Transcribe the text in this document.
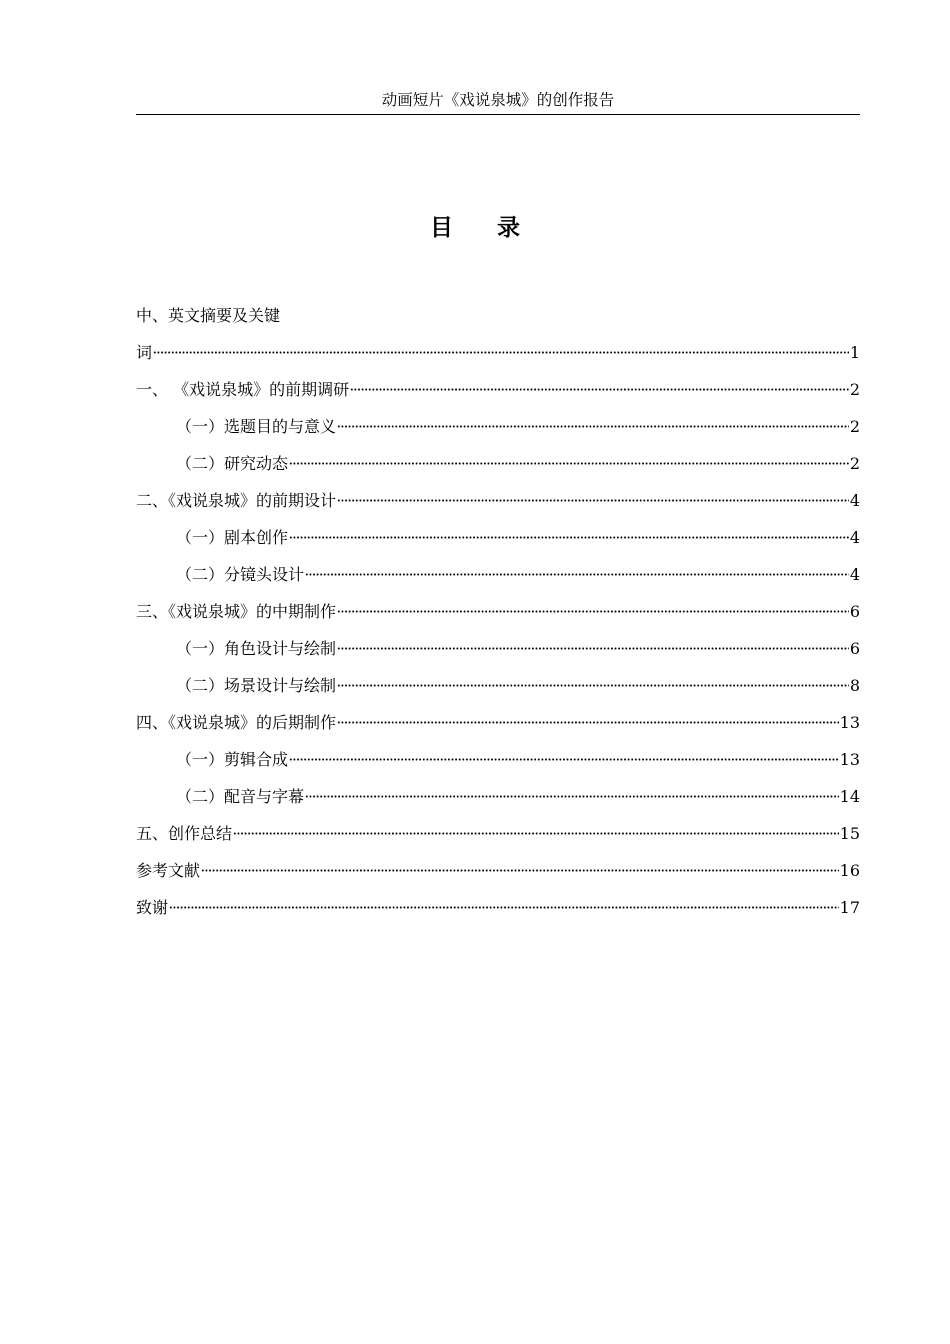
动画短片《戏说泉城》的创作报告
目 录
中、英文摘要及关键
词	1
一、 《戏说泉城》的前期调研	2
（一）选题目的与意义	2
（二）研究动态	2
二、《戏说泉城》的前期设计	4
（一）剧本创作	4
（二）分镜头设计	4
三、《戏说泉城》的中期制作	6
（一）角色设计与绘制	6
（二）场景设计与绘制	8
四、《戏说泉城》的后期制作	13
（一）剪辑合成	13
（二）配音与字幕	14
五、创作总结	15
参考文献	16
致谢	17
